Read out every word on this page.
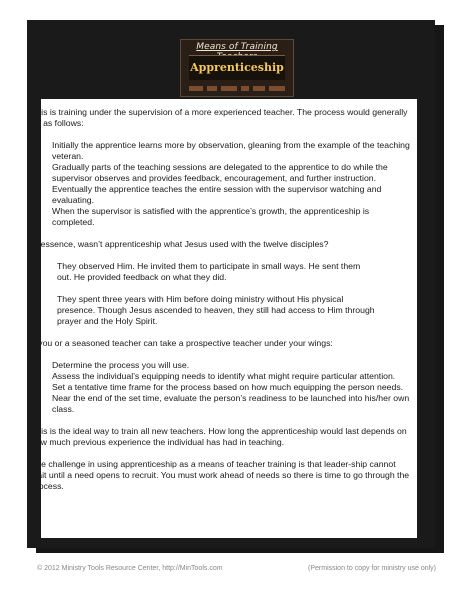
Means of Training
Apprenticeship

This is training under the supervision of a more experienced teacher. The process would generally be as follows:

1) Initially the apprentice learns more by observation, gleaning from the example of the teaching veteran.
2) Gradually parts of the teaching sessions are delegated to the apprentice to do while the supervisor observes and provides feedback, encouragement, and further instruction.
3) Eventually the apprentice teaches the entire session with the supervisor watching and evaluating.
4) When the supervisor is satisfied with the apprentice’s growth, the apprenticeship is completed.

In essence, wasn’t apprenticeship what Jesus used with the twelve disciples?

They observed Him. He invited them to participate in small ways. He sent them out. He provided feedback on what they did.

They spent three years with Him before doing ministry without His physical presence. Though Jesus ascended to heaven, they still had access to Him through prayer and the Holy Spirit.

If you or a seasoned teacher can take a prospective teacher under your wings:

• Determine the process you will use.
• Assess the individual’s equipping needs to identify what might require particular attention.
• Set a tentative time frame for the process based on how much equipping the person needs.
• Near the end of the set time, evaluate the person’s readiness to be launched into his/her own class.

This is the ideal way to train all new teachers. How long the apprenticeship would last depends on how much previous experience the individual has had in teaching.

The challenge in using apprenticeship as a means of teacher training is that leader-ship cannot wait until a need opens to recruit. You must work ahead of needs so there is time to go through the process.

© 2012 Ministry Tools Resource Center, http://MinTools.com	(Permission to copy for ministry use only)
